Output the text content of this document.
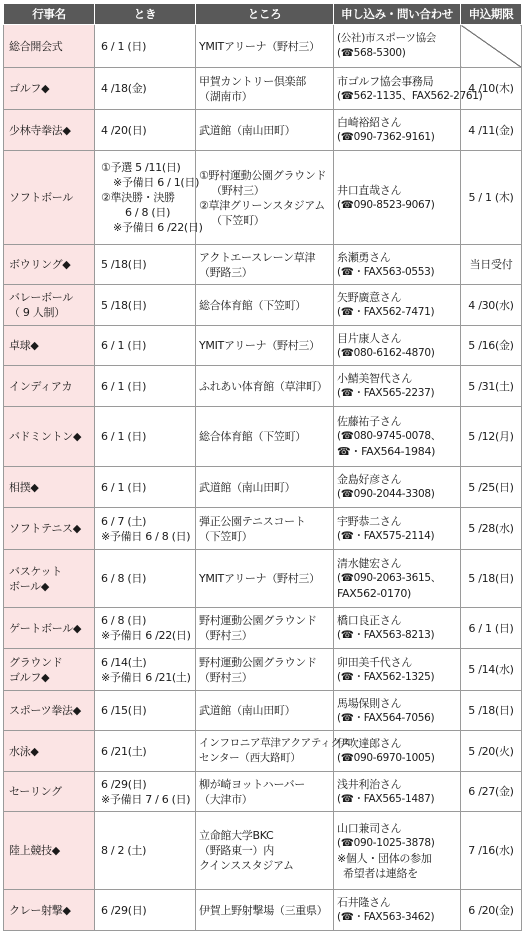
行事名	とき	ところ	申し込み・問い合わせ	申込期限

総合開会式	6 / 1 (日)	YMITアリーナ（野村三）	(公社)市スポーツ協会
(☎568-5300)	

ゴルフ◆	4 /18(金)	甲賀カントリー倶楽部
（湖南市）	市ゴルフ協会事務局
(☎562-1135、FAX562-2761)	4 /10(木)

少林寺拳法◆	4 /20(日)	武道館（南山田町）	白崎裕紹さん
(☎090-7362-9161)	4 /11(金)

ソフトボール	①予選 5 /11(日)
※予備日 6 / 1(日)
②準決勝・決勝
6 / 8 (日)
※予備日 6 /22(日)	①野村運動公園グラウンド
（野村三）
②草津グリーンスタジアム
（下笠町）	井口直哉さん
(☎090-8523-9067)	5 / 1 (木)

ボウリング◆	5 /18(日)	アクトエースレーン草津
（野路三）	糸瀬勇さん
(☎・FAX563-0553)	当日受付

バレーボール
（ 9 人制）	5 /18(日)	総合体育館（下笠町）	矢野廣意さん
(☎・FAX562-7471)	4 /30(水)

卓球◆	6 / 1 (日)	YMITアリーナ（野村三）	目片康人さん
(☎080-6162-4870)	5 /16(金)

インディアカ	6 / 1 (日)	ふれあい体育館（草津町）	小鯖美智代さん
(☎・FAX565-2237)	5 /31(土)

バドミントン◆	6 / 1 (日)	総合体育館（下笠町）	佐藤祐子さん
(☎080-9745-0078、
☎・FAX564-1984)	5 /12(月)

相撲◆	6 / 1 (日)	武道館（南山田町）	金島好彦さん
(☎090-2044-3308)	5 /25(日)

ソフトテニス◆	6 / 7 (土)
※予備日 6 / 8 (日)	弾正公園テニスコート
（下笠町）	宇野恭二さん
(☎・FAX575-2114)	5 /28(水)

バスケット
ボール◆	6 / 8 (日)	YMITアリーナ（野村三）	清水健宏さん
(☎090-2063-3615、
FAX562-0170)	5 /18(日)

ゲートボール◆	6 / 8 (日)
※予備日 6 /22(日)	野村運動公園グラウンド
（野村三）	橋口良正さん
(☎・FAX563-8213)	6 / 1 (日)

グラウンド
ゴルフ◆	6 /14(土)
※予備日 6 /21(土)	野村運動公園グラウンド
（野村三）	卯田美千代さん
(☎・FAX562-1325)	5 /14(水)

スポーツ拳法◆	6 /15(日)	武道館（南山田町）	馬場保則さん
(☎・FAX564-7056)	5 /18(日)

水泳◆	6 /21(土)	インフロニア草津アクアティクス
センター（西大路町）	伊吹達郎さん
(☎090-6970-1005)	5 /20(火)

セーリング	6 /29(日)
※予備日 7 / 6 (日)	柳が崎ヨットハーバー
（大津市）	浅井利治さん
(☎・FAX565-1487)	6 /27(金)

陸上競技◆	8 / 2 (土)	立命館大学BKC
（野路東一）内
クインススタジアム	山口兼司さん
(☎090-1025-3878)
※個人・団体の参加
希望者は連絡を	7 /16(水)

クレー射撃◆	6 /29(日)	伊賀上野射撃場（三重県）	石井隆さん
(☎・FAX563-3462)	6 /20(金)
